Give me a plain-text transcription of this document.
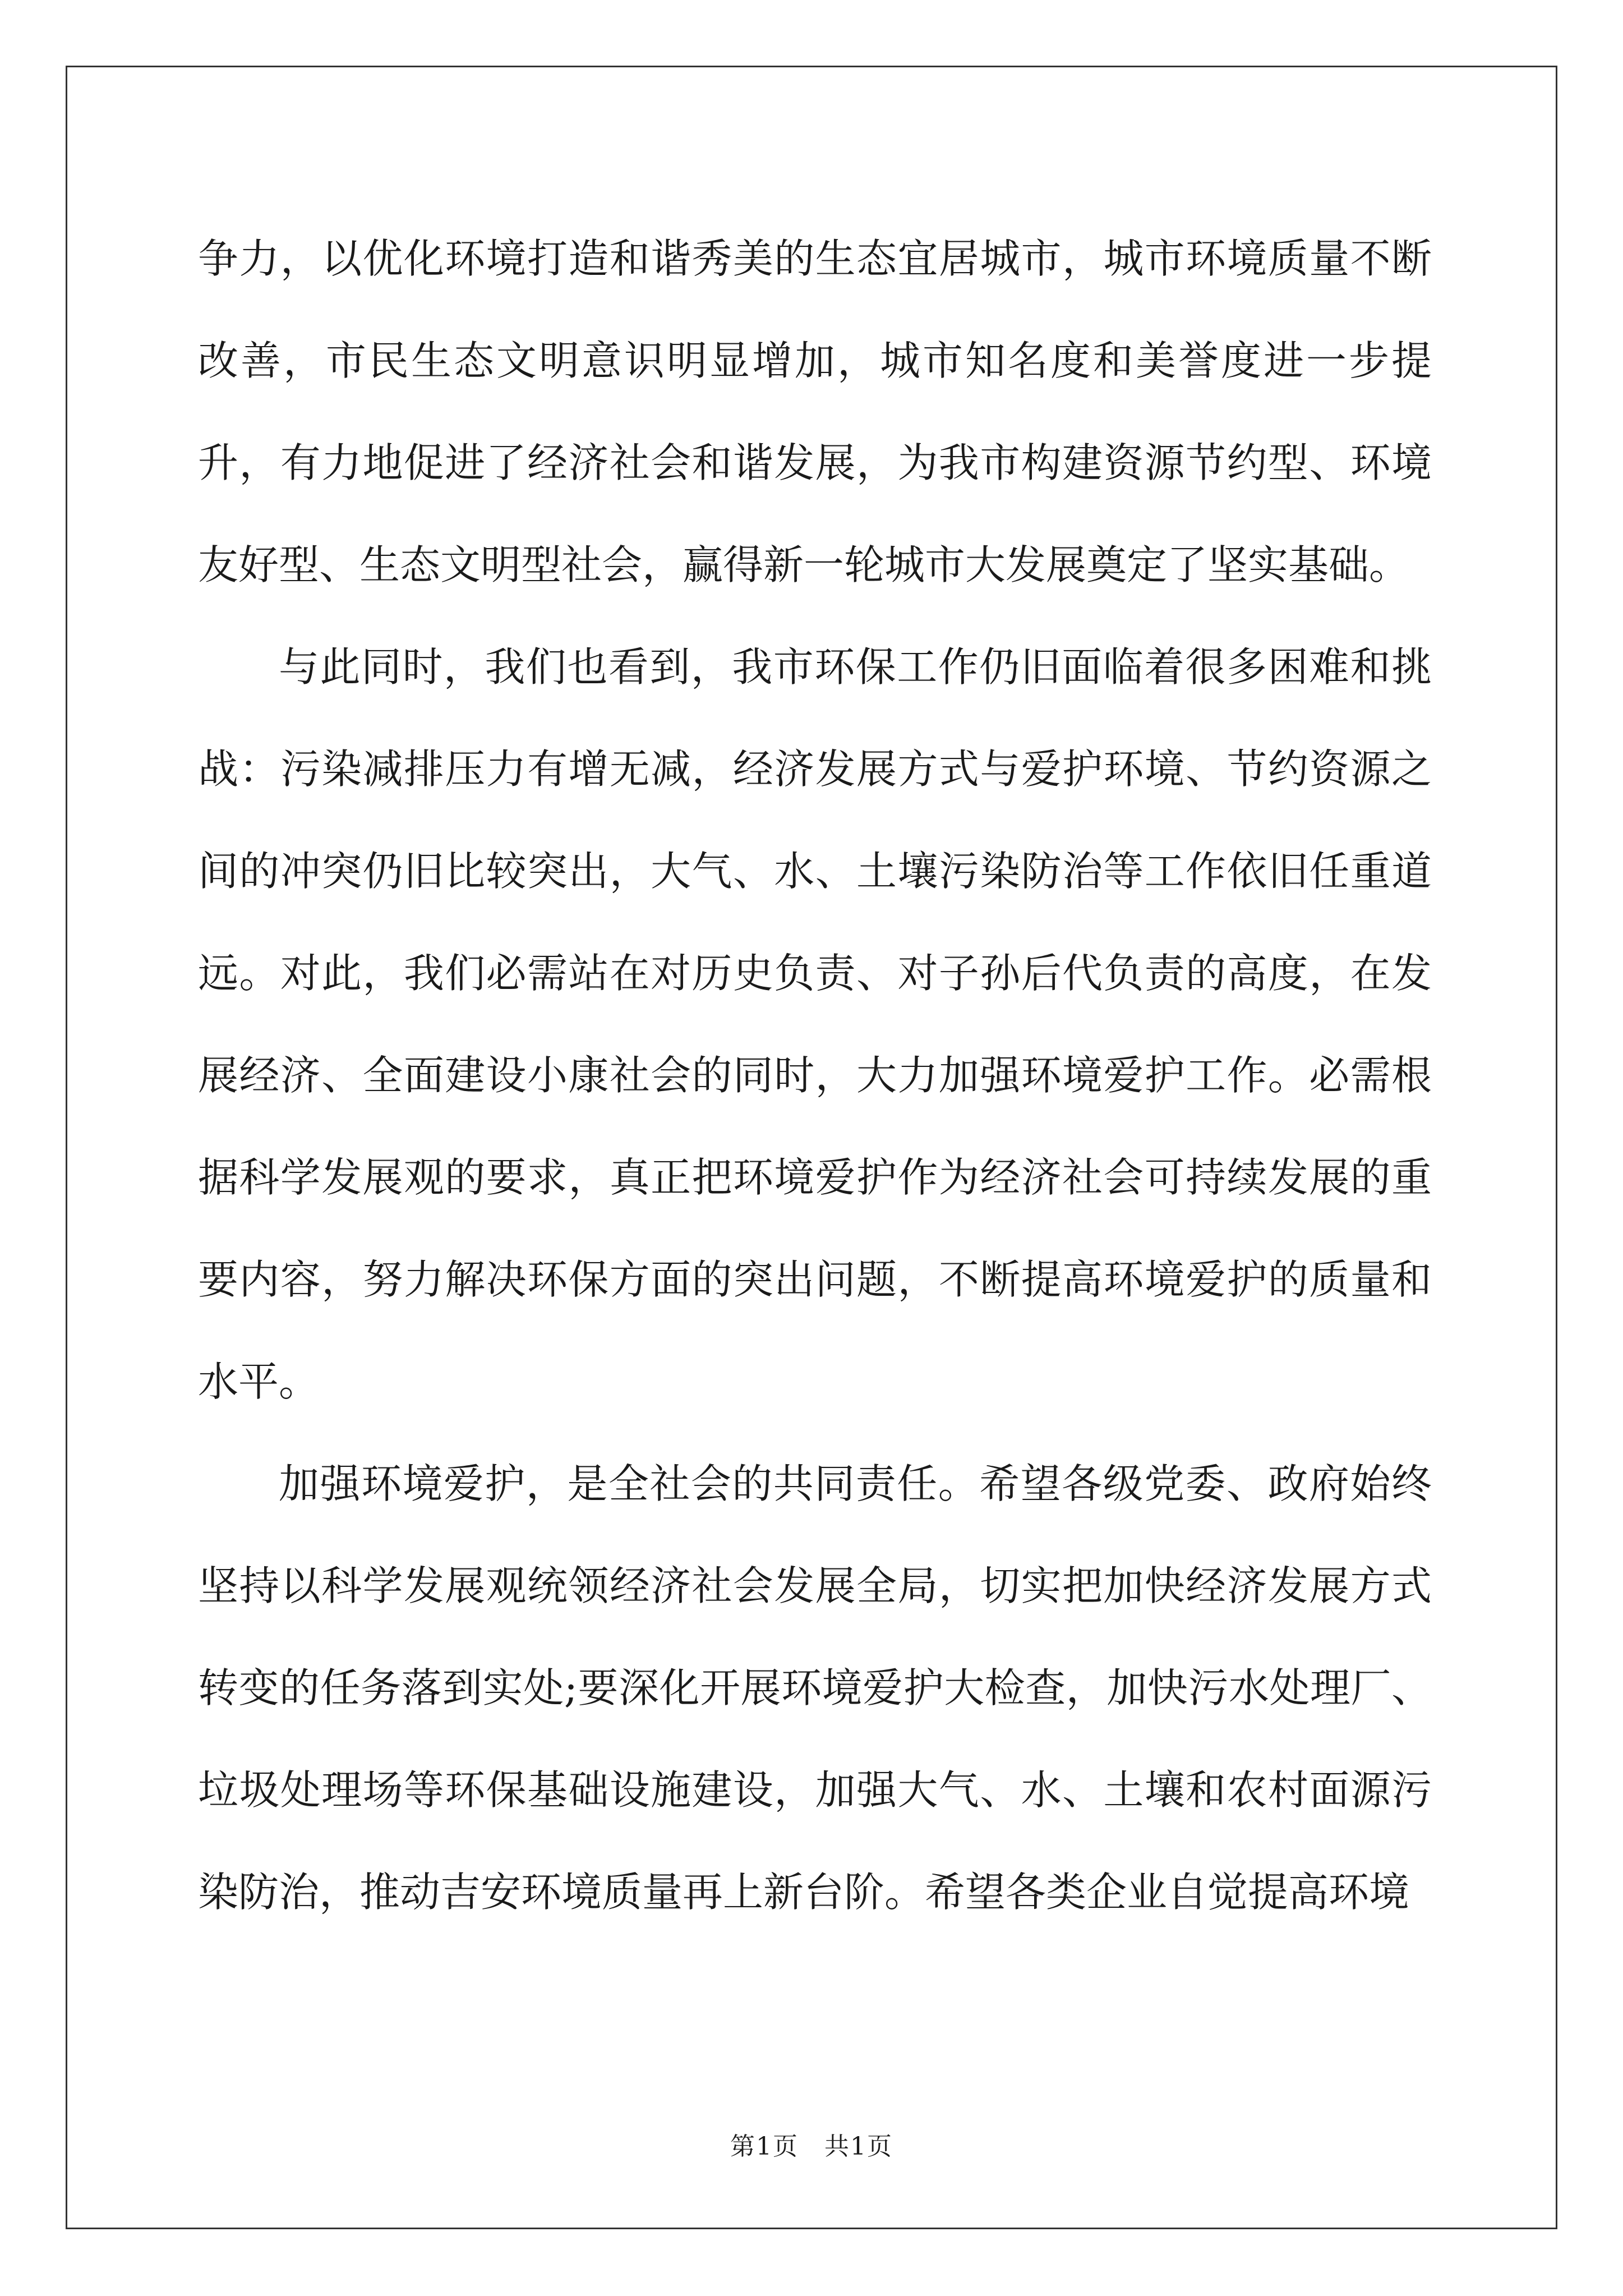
争力，以优化环境打造和谐秀美的生态宜居城市，城市环境质量不断改善，市民生态文明意识明显增加，城市知名度和美誉度进一步提升，有力地促进了经济社会和谐发展，为我市构建资源节约型、环境友好型、生态文明型社会，赢得新一轮城市大发展奠定了坚实基础。

与此同时，我们也看到，我市环保工作仍旧面临着很多困难和挑战：污染减排压力有增无减，经济发展方式与爱护环境、节约资源之间的冲突仍旧比较突出，大气、水、土壤污染防治等工作依旧任重道远。对此，我们必需站在对历史负责、对子孙后代负责的高度，在发展经济、全面建设小康社会的同时，大力加强环境爱护工作。必需根据科学发展观的要求，真正把环境爱护作为经济社会可持续发展的重要内容，努力解决环保方面的突出问题，不断提高环境爱护的质量和水平。

加强环境爱护，是全社会的共同责任。希望各级党委、政府始终坚持以科学发展观统领经济社会发展全局，切实把加快经济发展方式转变的任务落到实处;要深化开展环境爱护大检查，加快污水处理厂、垃圾处理场等环保基础设施建设，加强大气、水、土壤和农村面源污染防治，推动吉安环境质量再上新台阶。希望各类企业自觉提高环境

第1页　共1页
